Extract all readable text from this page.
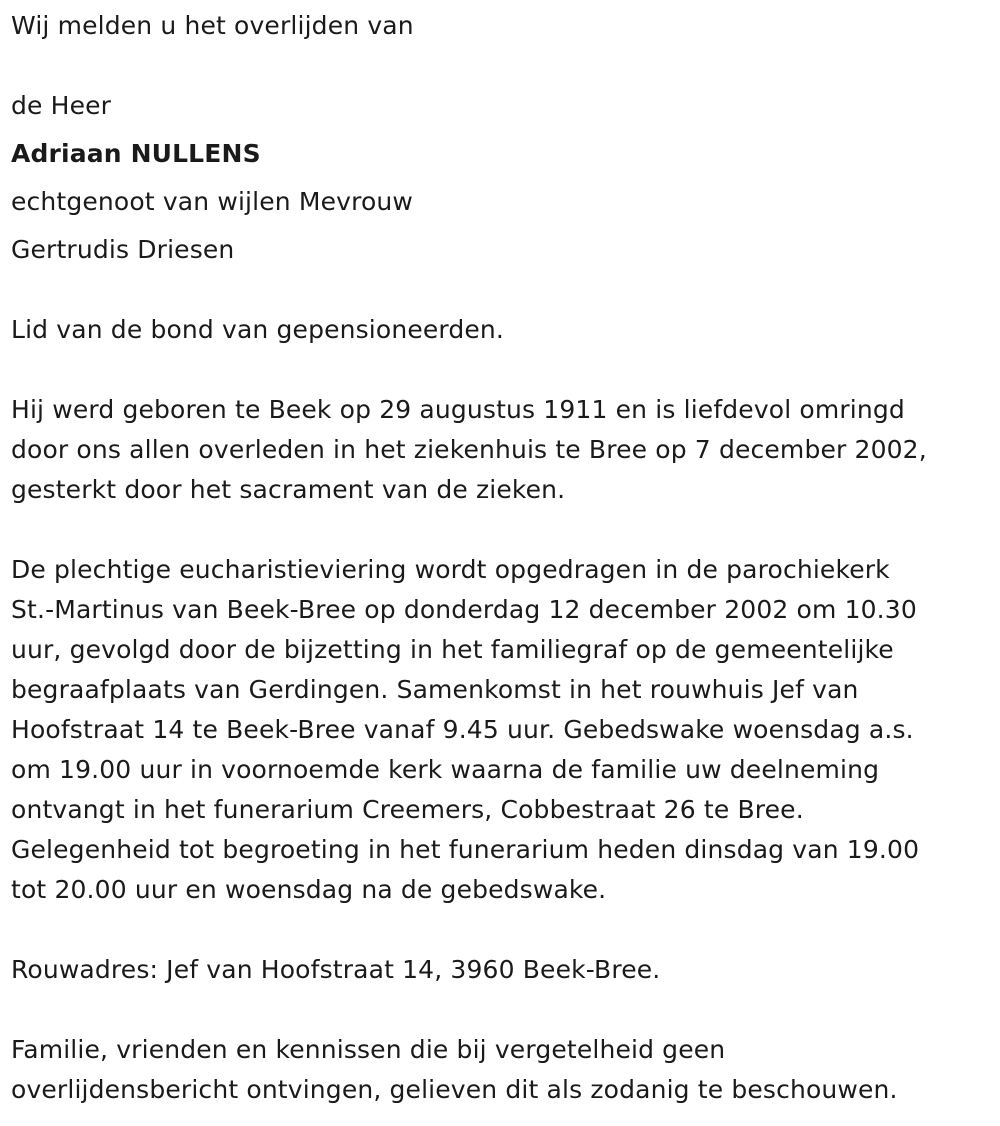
Wij melden u het overlijden van
de Heer
Adriaan NULLENS
echtgenoot van wijlen Mevrouw
Gertrudis Driesen
Lid van de bond van gepensioneerden.
Hij werd geboren te Beek op 29 augustus 1911 en is liefdevol omringd
door ons allen overleden in het ziekenhuis te Bree op 7 december 2002,
gesterkt door het sacrament van de zieken.
De plechtige eucharistieviering wordt opgedragen in de parochiekerk
St.-Martinus van Beek-Bree op donderdag 12 december 2002 om 10.30
uur, gevolgd door de bijzetting in het familiegraf op de gemeentelijke
begraafplaats van Gerdingen. Samenkomst in het rouwhuis Jef van
Hoofstraat 14 te Beek-Bree vanaf 9.45 uur. Gebedswake woensdag a.s.
om 19.00 uur in voornoemde kerk waarna de familie uw deelneming
ontvangt in het funerarium Creemers, Cobbestraat 26 te Bree.
Gelegenheid tot begroeting in het funerarium heden dinsdag van 19.00
tot 20.00 uur en woensdag na de gebedswake.
Rouwadres: Jef van Hoofstraat 14, 3960 Beek-Bree.
Familie, vrienden en kennissen die bij vergetelheid geen
overlijdensbericht ontvingen, gelieven dit als zodanig te beschouwen.
